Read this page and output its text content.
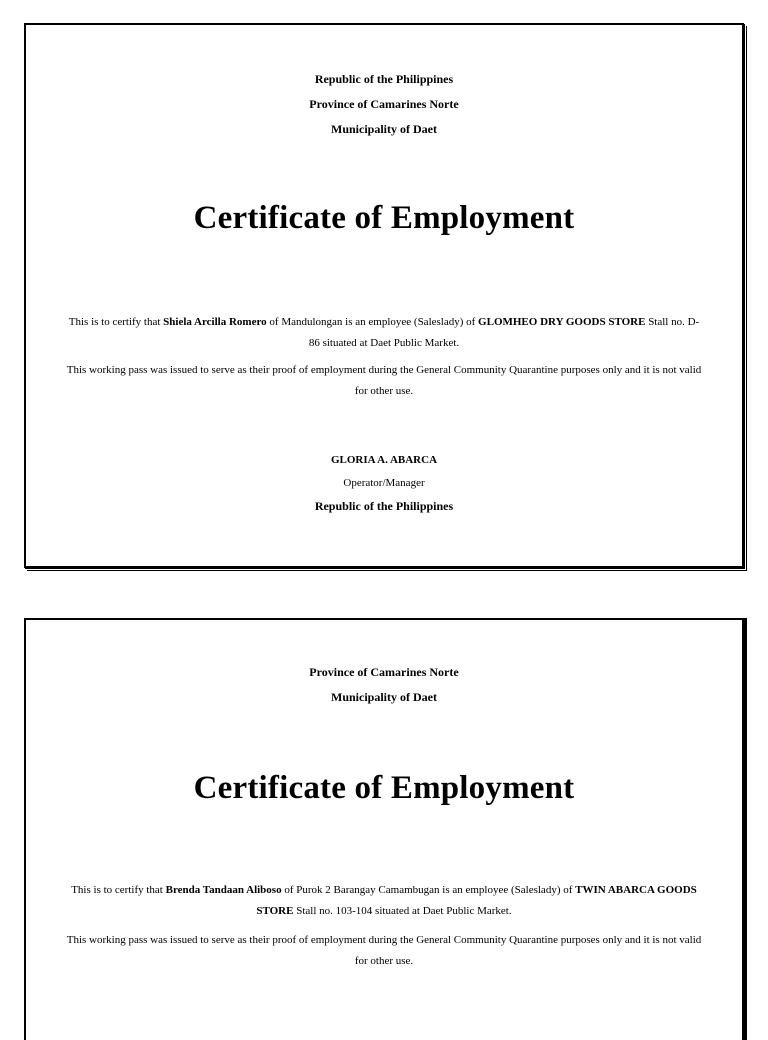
Republic of the Philippines
Province of Camarines Norte
Municipality of Daet
Certificate of Employment
This is to certify that Shiela Arcilla Romero of Mandulongan is an employee (Saleslady) of GLOMHEO DRY GOODS STORE Stall no. D-86 situated at Daet Public Market.
This working pass was issued to serve as their proof of employment during the General Community Quarantine purposes only and it is not valid for other use.
GLORIA A. ABARCA
Operator/Manager
Republic of the Philippines
Province of Camarines Norte
Municipality of Daet
Certificate of Employment
This is to certify that Brenda Tandaan Aliboso of Purok 2 Barangay Camambugan is an employee (Saleslady) of TWIN ABARCA GOODS STORE Stall no. 103-104 situated at Daet Public Market.
This working pass was issued to serve as their proof of employment during the General Community Quarantine purposes only and it is not valid for other use.
